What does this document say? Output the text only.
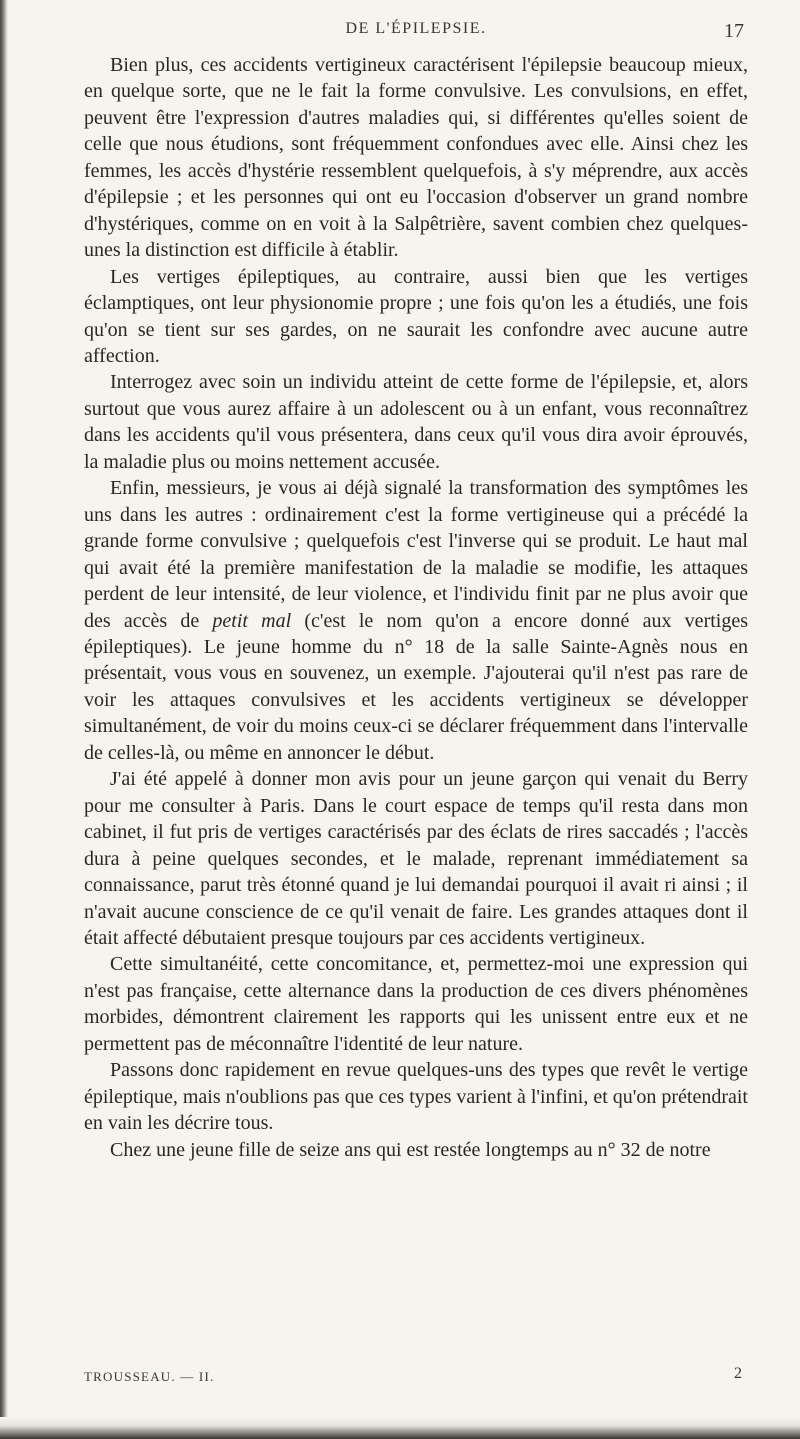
DE L'ÉPILEPSIE.	17

Bien plus, ces accidents vertigineux caractérisent l'épilepsie beaucoup mieux, en quelque sorte, que ne le fait la forme convulsive. Les convulsions, en effet, peuvent être l'expression d'autres maladies qui, si différentes qu'elles soient de celle que nous étudions, sont fréquemment confondues avec elle. Ainsi chez les femmes, les accès d'hystérie ressemblent quelquefois, à s'y méprendre, aux accès d'épilepsie ; et les personnes qui ont eu l'occasion d'observer un grand nombre d'hystériques, comme on en voit à la Salpêtrière, savent combien chez quelques-unes la distinction est difficile à établir.

Les vertiges épileptiques, au contraire, aussi bien que les vertiges éclamptiques, ont leur physionomie propre ; une fois qu'on les a étudiés, une fois qu'on se tient sur ses gardes, on ne saurait les confondre avec aucune autre affection.

Interrogez avec soin un individu atteint de cette forme de l'épilepsie, et, alors surtout que vous aurez affaire à un adolescent ou à un enfant, vous reconnaîtrez dans les accidents qu'il vous présentera, dans ceux qu'il vous dira avoir éprouvés, la maladie plus ou moins nettement accusée.

Enfin, messieurs, je vous ai déjà signalé la transformation des symptômes les uns dans les autres : ordinairement c'est la forme vertigineuse qui a précédé la grande forme convulsive ; quelquefois c'est l'inverse qui se produit. Le haut mal qui avait été la première manifestation de la maladie se modifie, les attaques perdent de leur intensité, de leur violence, et l'individu finit par ne plus avoir que des accès de petit mal (c'est le nom qu'on a encore donné aux vertiges épileptiques). Le jeune homme du n° 18 de la salle Sainte-Agnès nous en présentait, vous vous en souvenez, un exemple. J'ajouterai qu'il n'est pas rare de voir les attaques convulsives et les accidents vertigineux se développer simultanément, de voir du moins ceux-ci se déclarer fréquemment dans l'intervalle de celles-là, ou même en annoncer le début.

J'ai été appelé à donner mon avis pour un jeune garçon qui venait du Berry pour me consulter à Paris. Dans le court espace de temps qu'il resta dans mon cabinet, il fut pris de vertiges caractérisés par des éclats de rires saccadés ; l'accès dura à peine quelques secondes, et le malade, reprenant immédiatement sa connaissance, parut très étonné quand je lui demandai pourquoi il avait ri ainsi ; il n'avait aucune conscience de ce qu'il venait de faire. Les grandes attaques dont il était affecté débutaient presque toujours par ces accidents vertigineux.

Cette simultanéité, cette concomitance, et, permettez-moi une expression qui n'est pas française, cette alternance dans la production de ces divers phénomènes morbides, démontrent clairement les rapports qui les unissent entre eux et ne permettent pas de méconnaître l'identité de leur nature.

Passons donc rapidement en revue quelques-uns des types que revêt le vertige épileptique, mais n'oublions pas que ces types varient à l'infini, et qu'on prétendrait en vain les décrire tous.

Chez une jeune fille de seize ans qui est restée longtemps au n° 32 de notre

TROUSSEAU. — II.	2
